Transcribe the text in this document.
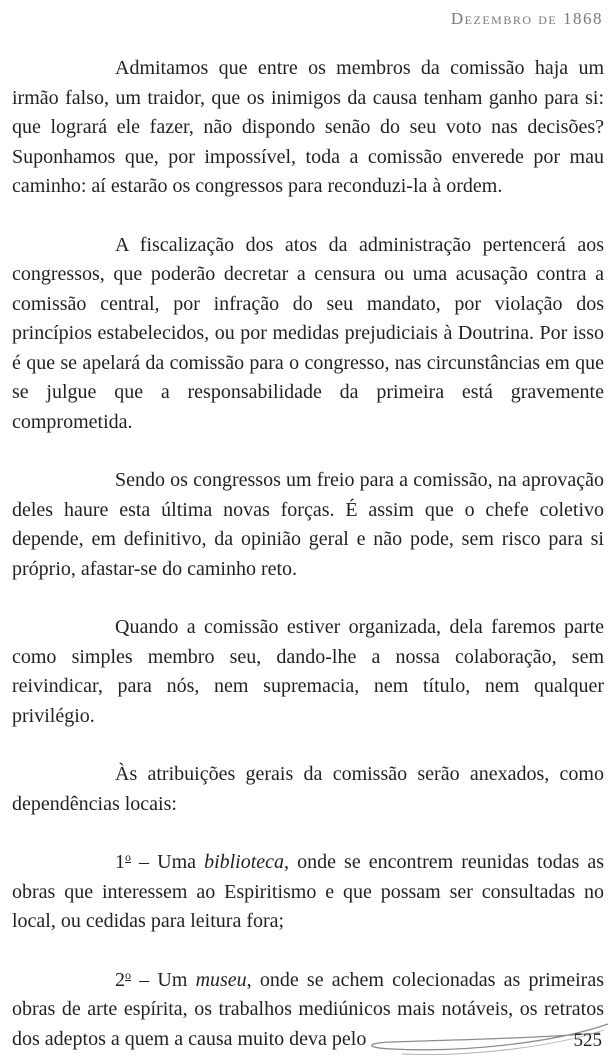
Dezembro de 1868

Admitamos que entre os membros da comissão haja um irmão falso, um traidor, que os inimigos da causa tenham ganho para si: que logrará ele fazer, não dispondo senão do seu voto nas decisões? Suponhamos que, por impossível, toda a comissão enverede por mau caminho: aí estarão os congressos para reconduzi-la à ordem.

A fiscalização dos atos da administração pertencerá aos congressos, que poderão decretar a censura ou uma acusação contra a comissão central, por infração do seu mandato, por violação dos princípios estabelecidos, ou por medidas prejudiciais à Doutrina. Por isso é que se apelará da comissão para o congresso, nas circunstâncias em que se julgue que a responsabilidade da primeira está gravemente comprometida.

Sendo os congressos um freio para a comissão, na aprovação deles haure esta última novas forças. É assim que o chefe coletivo depende, em definitivo, da opinião geral e não pode, sem risco para si próprio, afastar-se do caminho reto.

Quando a comissão estiver organizada, dela faremos parte como simples membro seu, dando-lhe a nossa colaboração, sem reivindicar, para nós, nem supremacia, nem título, nem qualquer privilégio.

Às atribuições gerais da comissão serão anexados, como dependências locais:

1$^o$ – Uma biblioteca, onde se encontrem reunidas todas as obras que interessem ao Espiritismo e que possam ser consultadas no local, ou cedidas para leitura fora;

2$^o$ – Um museu, onde se achem colecionadas as primeiras obras de arte espírita, os trabalhos mediúnicos mais notáveis, os retratos dos adeptos a quem a causa muito deva pelo	525
